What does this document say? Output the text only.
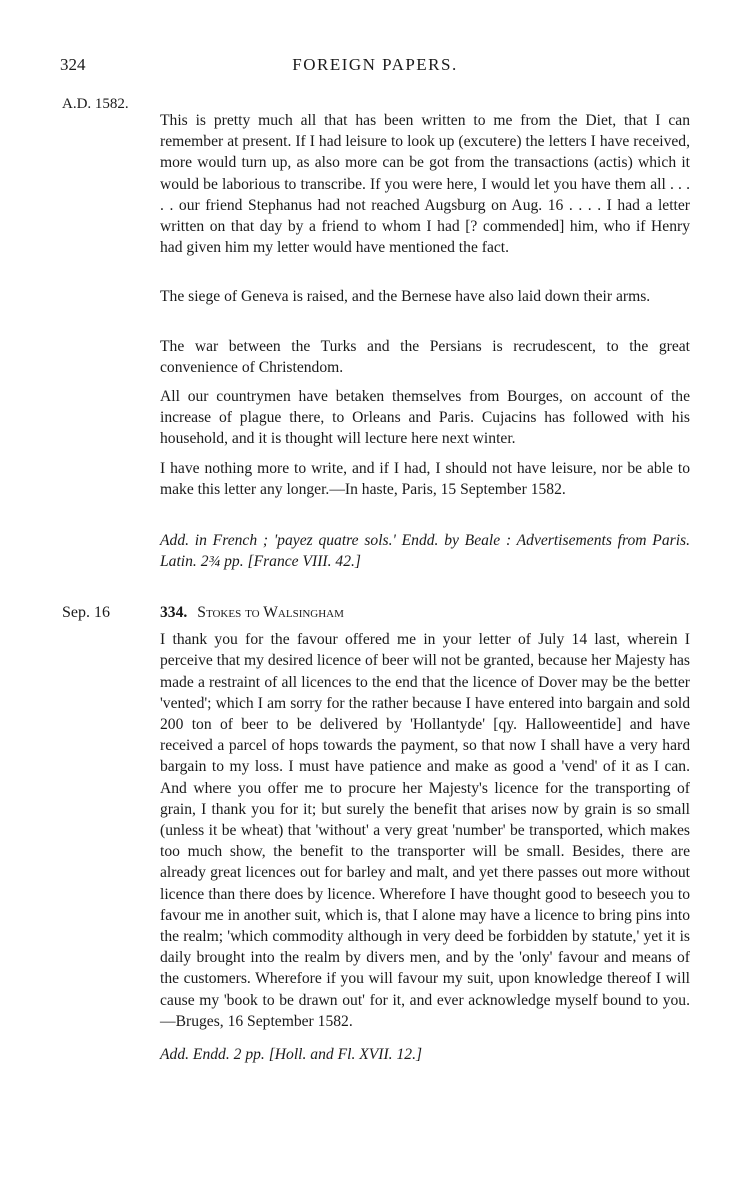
324	FOREIGN PAPERS.
A.D. 1582.

This is pretty much all that has been written to me from the Diet, that I can remember at present. If I had leisure to look up (excutere) the letters I have received, more would turn up, as also more can be got from the transactions (actis) which it would be laborious to transcribe. If you were here, I would let you have them all . . . . . our friend Stephanus had not reached Augsburg on Aug. 16 . . . . I had a letter written on that day by a friend to whom I had [? commended] him, who if Henry had given him my letter would have mentioned the fact.

The siege of Geneva is raised, and the Bernese have also laid down their arms.

The war between the Turks and the Persians is recrudescent, to the great convenience of Christendom.

All our countrymen have betaken themselves from Bourges, on account of the increase of plague there, to Orleans and Paris. Cujacins has followed with his household, and it is thought will lecture here next winter.

I have nothing more to write, and if I had, I should not have leisure, nor be able to make this letter any longer.—In haste, Paris, 15 September 1582.

Add. in French ; 'payez quatre sols.' Endd. by Beale : Advertisements from Paris. Latin. 2¾ pp. [France VIII. 42.]

Sep. 16	334. Stokes to Walsingham

I thank you for the favour offered me in your letter of July 14 last, wherein I perceive that my desired licence of beer will not be granted, because her Majesty has made a restraint of all licences to the end that the licence of Dover may be the better 'vented'; which I am sorry for the rather because I have entered into bargain and sold 200 ton of beer to be delivered by 'Hollantyde' [qy. Halloweentide] and have received a parcel of hops towards the payment, so that now I shall have a very hard bargain to my loss. I must have patience and make as good a 'vend' of it as I can. And where you offer me to procure her Majesty's licence for the transporting of grain, I thank you for it; but surely the benefit that arises now by grain is so small (unless it be wheat) that 'without' a very great 'number' be transported, which makes too much show, the benefit to the transporter will be small. Besides, there are already great licences out for barley and malt, and yet there passes out more without licence than there does by licence. Wherefore I have thought good to beseech you to favour me in another suit, which is, that I alone may have a licence to bring pins into the realm; 'which commodity although in very deed be forbidden by statute,' yet it is daily brought into the realm by divers men, and by the 'only' favour and means of the customers. Wherefore if you will favour my suit, upon knowledge thereof I will cause my 'book to be drawn out' for it, and ever acknowledge myself bound to you.—Bruges, 16 September 1582.

Add. Endd. 2 pp. [Holl. and Fl. XVII. 12.]
